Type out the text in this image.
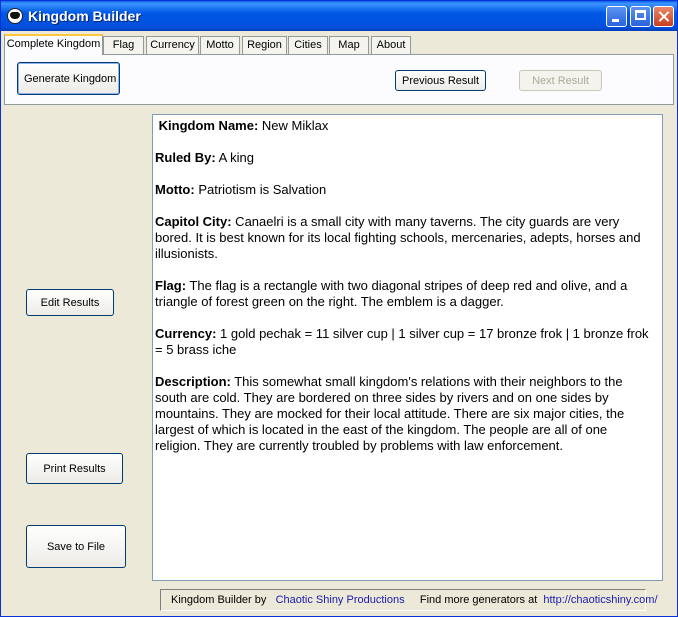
Kingdom Builder
Complete Kingdom	Flag	Currency	Motto	Region	Cities	Map	About
Generate Kingdom	Previous Result	Next Result
Edit Results
Print Results
Save to File

Kingdom Name: New Miklax

Ruled By: A king

Motto: Patriotism is Salvation

Capitol City: Canaelri is a small city with many taverns. The city guards are very bored. It is best known for its local fighting schools, mercenaries, adepts, horses and illusionists.

Flag: The flag is a rectangle with two diagonal stripes of deep red and olive, and a triangle of forest green on the right. The emblem is a dagger.

Currency: 1 gold pechak = 11 silver cup | 1 silver cup = 17 bronze frok | 1 bronze frok = 5 brass iche

Description: This somewhat small kingdom's relations with their neighbors to the south are cold. They are bordered on three sides by rivers and on one sides by mountains. They are mocked for their local attitude. There are six major cities, the largest of which is located in the east of the kingdom. The people are all of one religion. They are currently troubled by problems with law enforcement.

Kingdom Builder by Chaotic Shiny Productions Find more generators at http://chaoticshiny.com/
